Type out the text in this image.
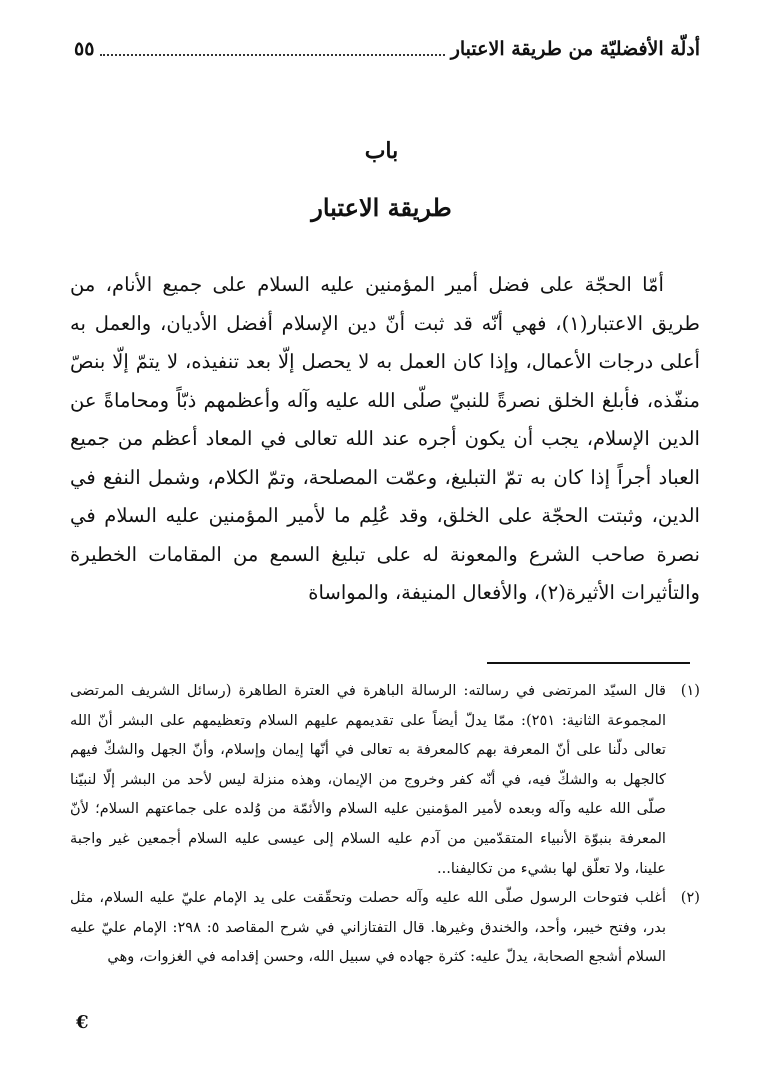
أدلّة الأفضليّة من طريقة الاعتبار
٥٥
باب
طريقة الاعتبار

أمّا الحجّة على فضل أمير المؤمنين عليه السلام على جميع الأنام، من طريق الاعتبار(١)، فهي أنّه قد ثبت أنّ دين الإسلام أفضل الأديان، والعمل به أعلى درجات الأعمال، وإذا كان العمل به لا يحصل إلّا بعد تنفيذه، لا يتمّ إلّا بنصّ منفّذه، فأبلغ الخلق نصرةً للنبيّ صلّى الله عليه وآله وأعظمهم ذبّاً ومحاماةً عن الدين الإسلام، يجب أن يكون أجره عند الله تعالى في المعاد أعظم من جميع العباد أجراً إذا كان به تمّ التبليغ، وعمّت المصلحة، وتمّ الكلام، وشمل النفع في الدين، وثبتت الحجّة على الخلق، وقد عُلِم ما لأمير المؤمنين عليه السلام في نصرة صاحب الشرع والمعونة له على تبليغ السمع من المقامات الخطيرة والتأثيرات الأثيرة(٢)، والأفعال المنيفة، والمواساة

(١)
قال السيّد المرتضى في رسالته: الرسالة الباهرة في العترة الطاهرة (رسائل الشريف المرتضى المجموعة الثانية: ٢٥١): ممّا يدلّ أيضاً على تقديمهم عليهم السلام وتعظيمهم على البشر أنّ الله تعالى دلّنا على أنّ المعرفة بهم كالمعرفة به تعالى في أنّها إيمان وإسلام، وأنّ الجهل والشكّ فيهم كالجهل به والشكّ فيه، في أنّه كفر وخروج من الإيمان، وهذه منزلة ليس لأحد من البشر إلّا لنبيّنا صلّى الله عليه وآله وبعده لأمير المؤمنين عليه السلام والأئمّة من وُلده على جماعتهم السلام؛ لأنّ المعرفة بنبوّة الأنبياء المتقدّمين من آدم عليه السلام إلى عيسى عليه السلام أجمعين غير واجبة علينا، ولا تعلّق لها بشيء من تكاليفنا...
(٢)
أغلب فتوحات الرسول صلّى الله عليه وآله حصلت وتحقّقت على يد الإمام عليّ عليه السلام، مثل بدر، وفتح خيبر، وأحد، والخندق وغيرها. قال التفتازاني في شرح المقاصد ٥: ٢٩٨: الإمام عليّ عليه السلام أشجع الصحابة، يدلّ عليه: كثرة جهاده في سبيل الله، وحسن إقدامه في الغزوات، وهي
€
